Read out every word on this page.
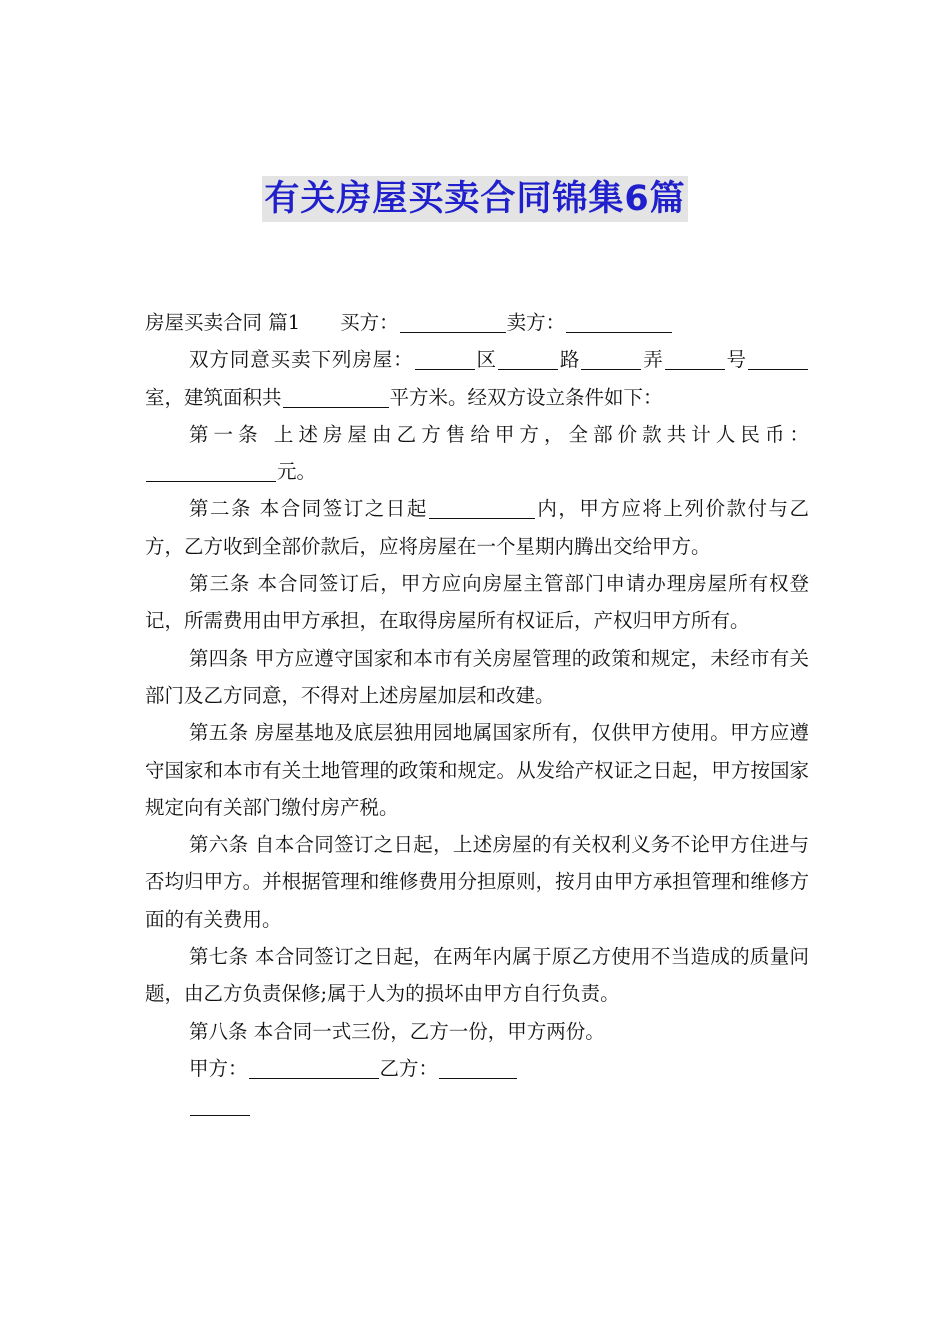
有关房屋买卖合同锦集6篇

房屋买卖合同 篇1 买方：	卖方：

双方同意买卖下列房屋：	区	路	弄	号室，建筑面积共	平方米。经双方设立条件如下：

第一条 上述房屋由乙方售给甲方，全部价款共计人民币：元。

第二条 本合同签订之日起	内，甲方应将上列价款付与乙方，乙方收到全部价款后，应将房屋在一个星期内腾出交给甲方。

第三条 本合同签订后，甲方应向房屋主管部门申请办理房屋所有权登记，所需费用由甲方承担，在取得房屋所有权证后，产权归甲方所有。

第四条 甲方应遵守国家和本市有关房屋管理的政策和规定，未经市有关部门及乙方同意，不得对上述房屋加层和改建。

第五条 房屋基地及底层独用园地属国家所有，仅供甲方使用。甲方应遵守国家和本市有关土地管理的政策和规定。从发给产权证之日起，甲方按国家规定向有关部门缴付房产税。

第六条 自本合同签订之日起，上述房屋的有关权利义务不论甲方住进与否均归甲方。并根据管理和维修费用分担原则，按月由甲方承担管理和维修方面的有关费用。

第七条 本合同签订之日起，在两年内属于原乙方使用不当造成的质量问题，由乙方负责保修;属于人为的损坏由甲方自行负责。

第八条 本合同一式三份，乙方一份，甲方两份。

甲方：	乙方：
